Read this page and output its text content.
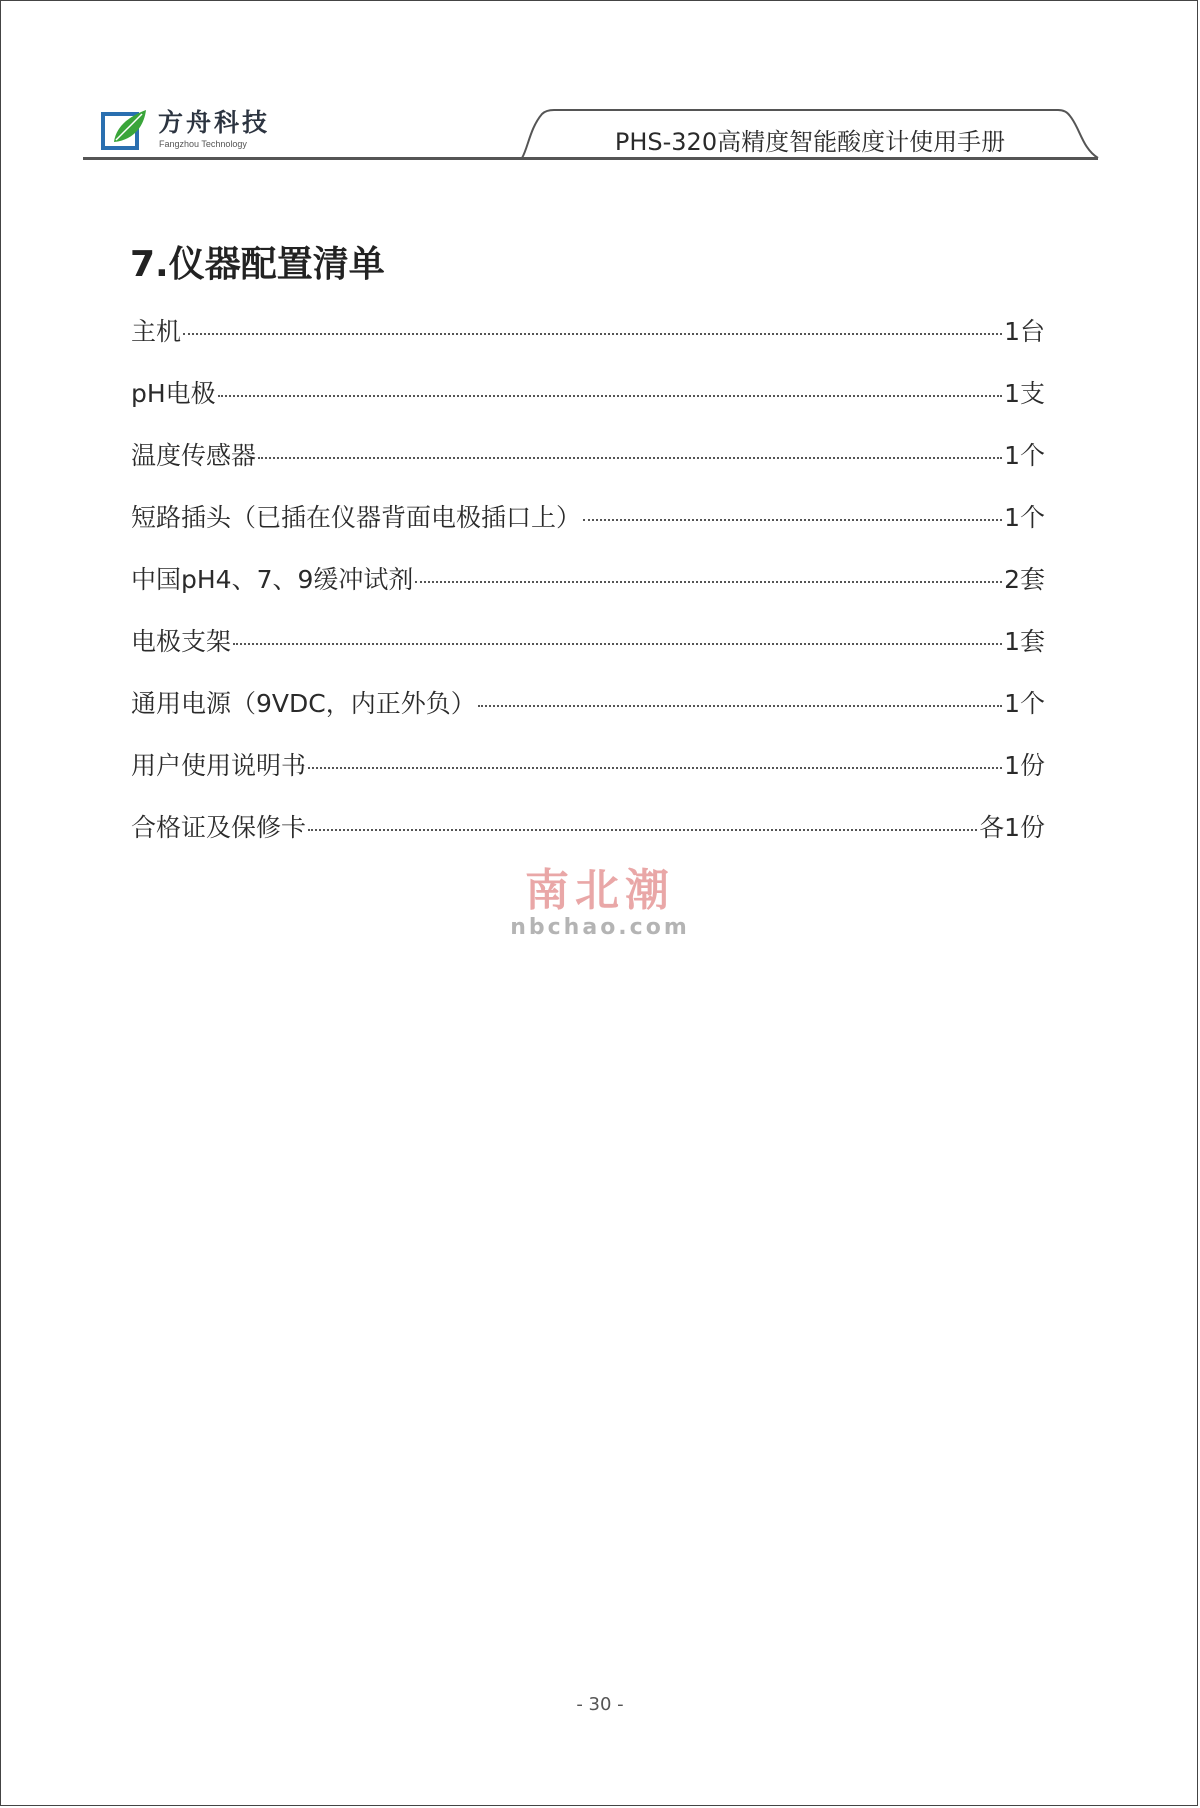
方舟科技
Fangzhou Technology	PHS-320高精度智能酸度计使用手册
7.仪器配置清单
主机	1台
pH电极	1支
温度传感器	1个
短路插头（已插在仪器背面电极插口上）	1个
中国pH4、7、9缓冲试剂	2套
电极支架	1套
通用电源（9VDC，内正外负）	1个
用户使用说明书	1份
合格证及保修卡	各1份
南北潮
nbchao.com
- 30 -
